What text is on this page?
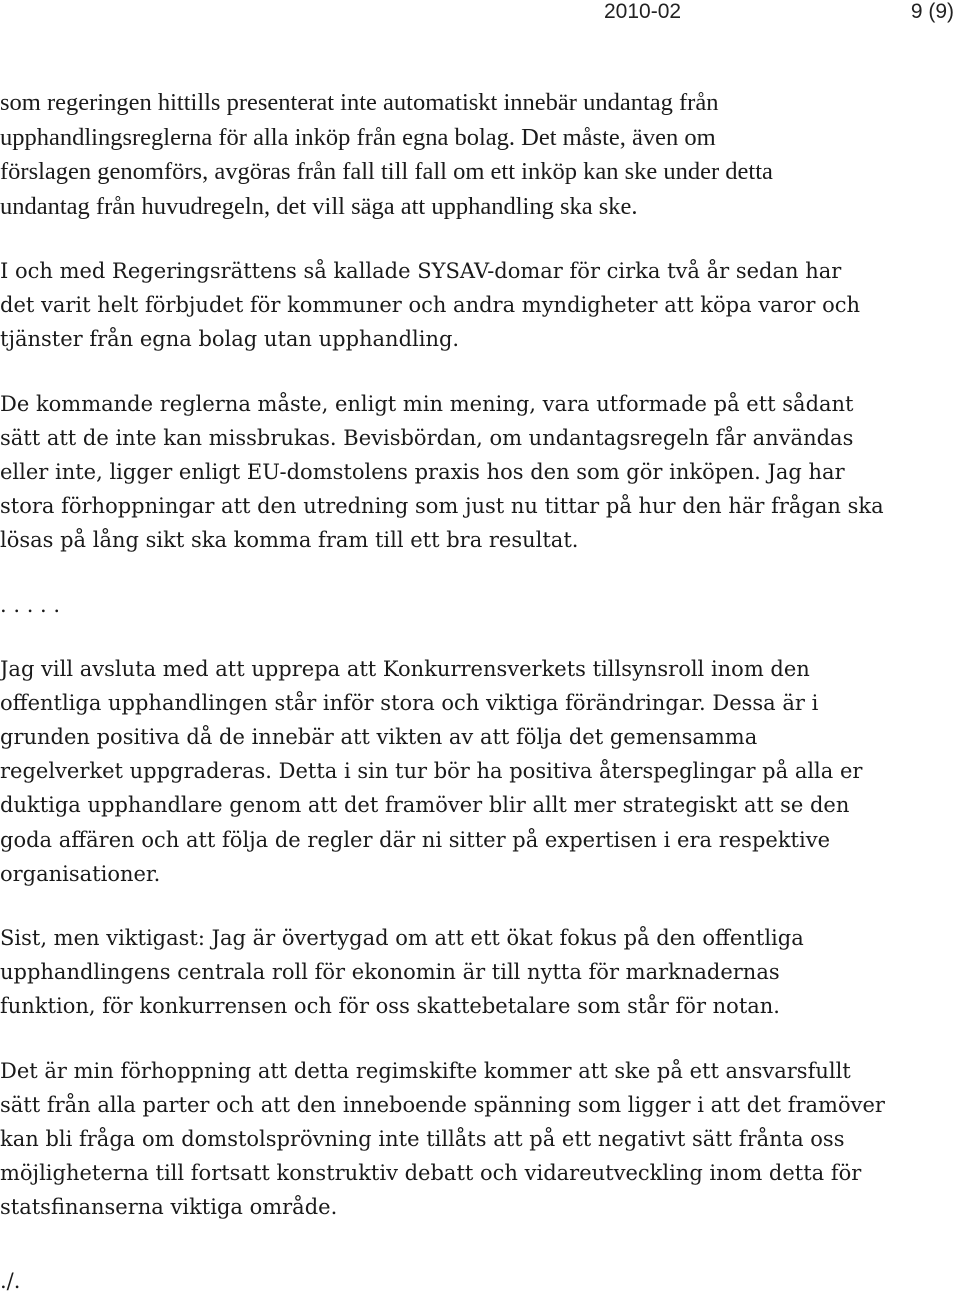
2010-02	9 (9)

som regeringen hittills presenterat inte automatiskt innebär undantag från
upphandlingsreglerna för alla inköp från egna bolag. Det måste, även om
förslagen genomförs, avgöras från fall till fall om ett inköp kan ske under detta
undantag från huvudregeln, det vill säga att upphandling ska ske.

I och med Regeringsrättens så kallade SYSAV-domar för cirka två år sedan har
det varit helt förbjudet för kommuner och andra myndigheter att köpa varor och
tjänster från egna bolag utan upphandling.

De kommande reglerna måste, enligt min mening, vara utformade på ett sådant
sätt att de inte kan missbrukas. Bevisbördan, om undantagsregeln får användas
eller inte, ligger enligt EU-domstolens praxis hos den som gör inköpen. Jag har
stora förhoppningar att den utredning som just nu tittar på hur den här frågan ska
lösas på lång sikt ska komma fram till ett bra resultat.

. . . . .

Jag vill avsluta med att upprepa att Konkurrensverkets tillsynsroll inom den
offentliga upphandlingen står inför stora och viktiga förändringar. Dessa är i
grunden positiva då de innebär att vikten av att följa det gemensamma
regelverket uppgraderas. Detta i sin tur bör ha positiva återspeglingar på alla er
duktiga upphandlare genom att det framöver blir allt mer strategiskt att se den
goda affären och att följa de regler där ni sitter på expertisen i era respektive
organisationer.

Sist, men viktigast: Jag är övertygad om att ett ökat fokus på den offentliga
upphandlingens centrala roll för ekonomin är till nytta för marknadernas
funktion, för konkurrensen och för oss skattebetalare som står för notan.

Det är min förhoppning att detta regimskifte kommer att ske på ett ansvarsfullt
sätt från alla parter och att den inneboende spänning som ligger i att det framöver
kan bli fråga om domstolsprövning inte tillåts att på ett negativt sätt frånta oss
möjligheterna till fortsatt konstruktiv debatt och vidareutveckling inom detta för
statsfinanserna viktiga område.

./.
